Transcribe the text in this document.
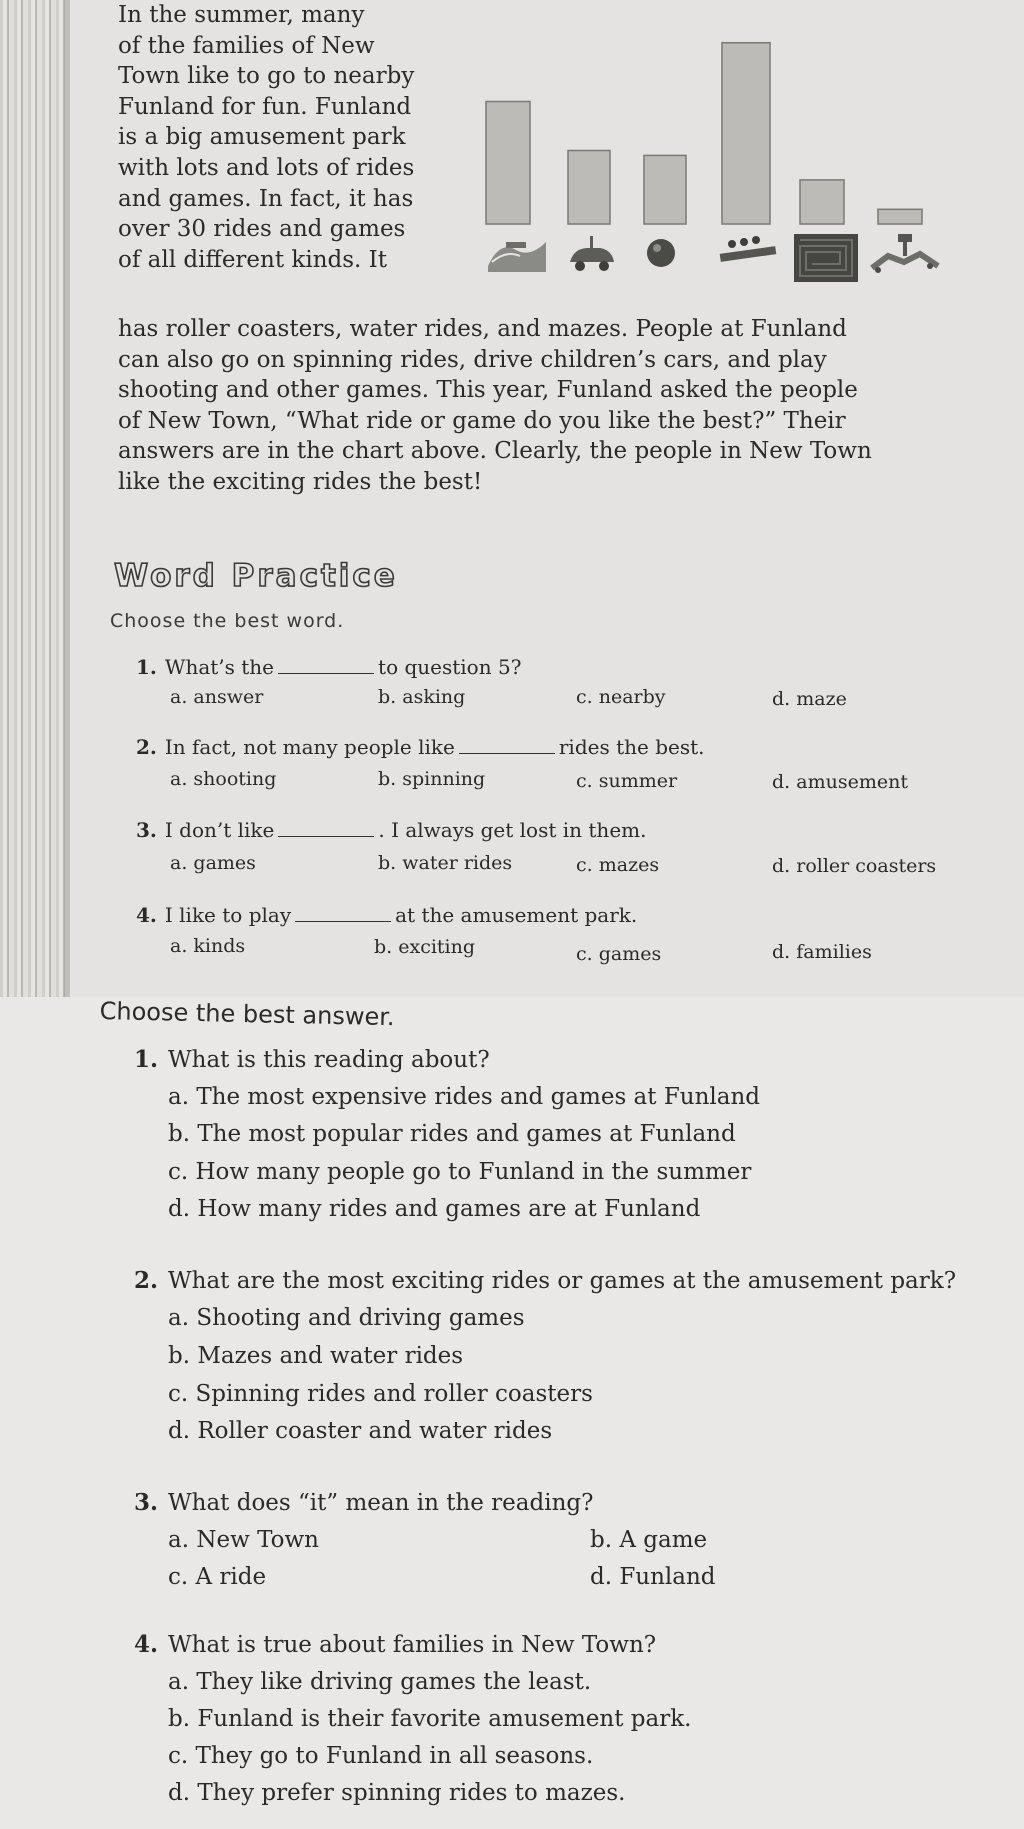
In the summer, many
of the families of New
Town like to go to nearby
Funland for fun. Funland
is a big amusement park
with lots and lots of rides
and games. In fact, it has
over 30 rides and games
of all different kinds. It
has roller coasters, water rides, and mazes. People at Funland
can also go on spinning rides, drive children’s cars, and play
shooting and other games. This year, Funland asked the people
of New Town, “What ride or game do you like the best?” Their
answers are in the chart above. Clearly, the people in New Town
like the exciting rides the best!
Word Practice
Choose the best word.
1. What’s the	to question 5?
a. answer	b. asking	c. nearby	d. maze
2. In fact, not many people like	rides the best.
a. shooting	b. spinning	c. summer	d. amusement
3. I don’t like	. I always get lost in them.
a. games	b. water rides	c. mazes	d. roller coasters
4. I like to play	at the amusement park.
a. kinds	b. exciting	c. games	d. families
Choose the best answer.
1. What is this reading about?
a. The most expensive rides and games at Funland
b. The most popular rides and games at Funland
c. How many people go to Funland in the summer
d. How many rides and games are at Funland
2. What are the most exciting rides or games at the amusement park?
a. Shooting and driving games
b. Mazes and water rides
c. Spinning rides and roller coasters
d. Roller coaster and water rides
3. What does “it” mean in the reading?
a. New Town	b. A game
c. A ride	d. Funland
4. What is true about families in New Town?
a. They like driving games the least.
b. Funland is their favorite amusement park.
c. They go to Funland in all seasons.
d. They prefer spinning rides to mazes.
